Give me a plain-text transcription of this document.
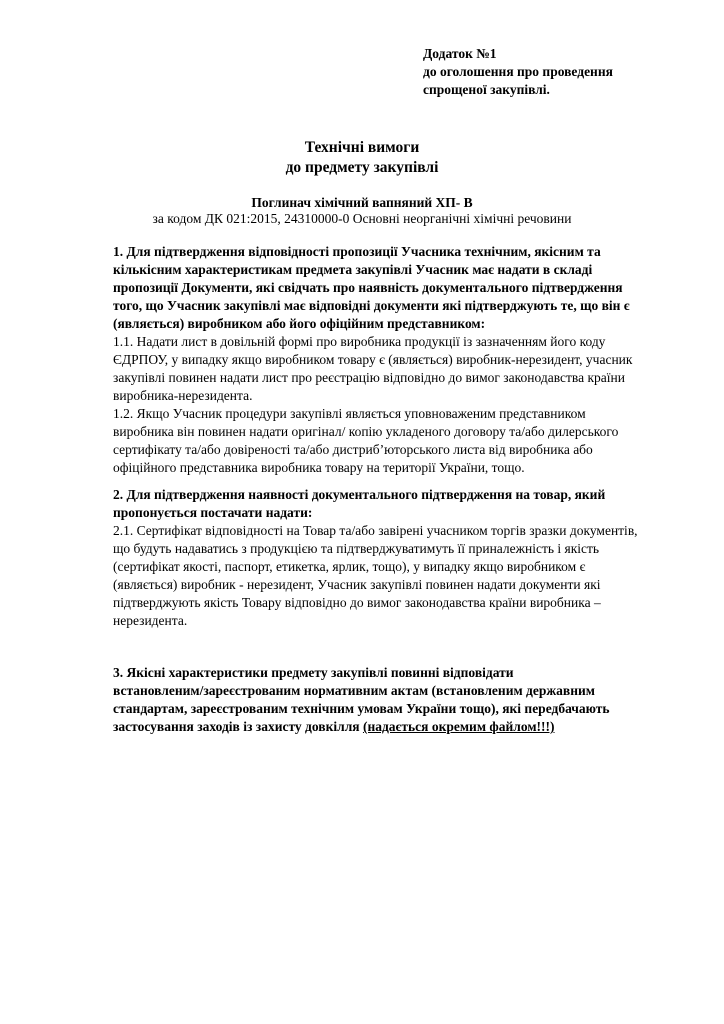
Додаток №1
до оголошення про проведення
спрощеної закупівлі.
Технічні вимоги
до предмету закупівлі
Поглинач хімічний вапняний ХП- В
за кодом ДК 021:2015, 24310000-0 Основні неорганічні хімічні речовини
1. Для підтвердження відповідності пропозиції Учасника технічним, якісним та
кількісним характеристикам предмета закупівлі Учасник має надати в складі
пропозиції Документи, які свідчать про наявність документального підтвердження
того, що Учасник закупівлі має відповідні документи які підтверджують те, що він є
(являється) виробником або його офіційним представником:
1.1. Надати лист в довільній формі про виробника продукції із зазначенням його коду
ЄДРПОУ, у випадку якщо виробником товару є (являється) виробник-нерезидент, учасник
закупівлі повинен надати лист про реєстрацію відповідно до вимог законодавства країни
виробника-нерезидента.
1.2. Якщо Учасник процедури закупівлі являється уповноваженим представником
виробника він повинен надати оригінал/ копію укладеного договору та/або дилерського
сертифікату та/або довіреності та/або дистриб’юторського листа від виробника або
офіційного представника виробника товару на території України, тощо.
2. Для підтвердження наявності документального підтвердження на товар, який
пропонується постачати надати:
2.1. Сертифікат відповідності на Товар та/або завірені учасником торгів зразки документів,
що будуть надаватись з продукцією та підтверджуватимуть її приналежність і якість
(сертифікат якості, паспорт, етикетка, ярлик, тощо), у випадку якщо виробником є
(являється) виробник - нерезидент, Учасник закупівлі повинен надати документи які
підтверджують якість Товару відповідно до вимог законодавства країни виробника –
нерезидента.
3. Якісні характеристики предмету закупівлі повинні відповідати
встановленим/зареєстрованим нормативним актам (встановленим державним
стандартам, зареєстрованим технічним умовам України тощо), які передбачають
застосування заходів із захисту довкілля (надається окремим файлом!!!)
